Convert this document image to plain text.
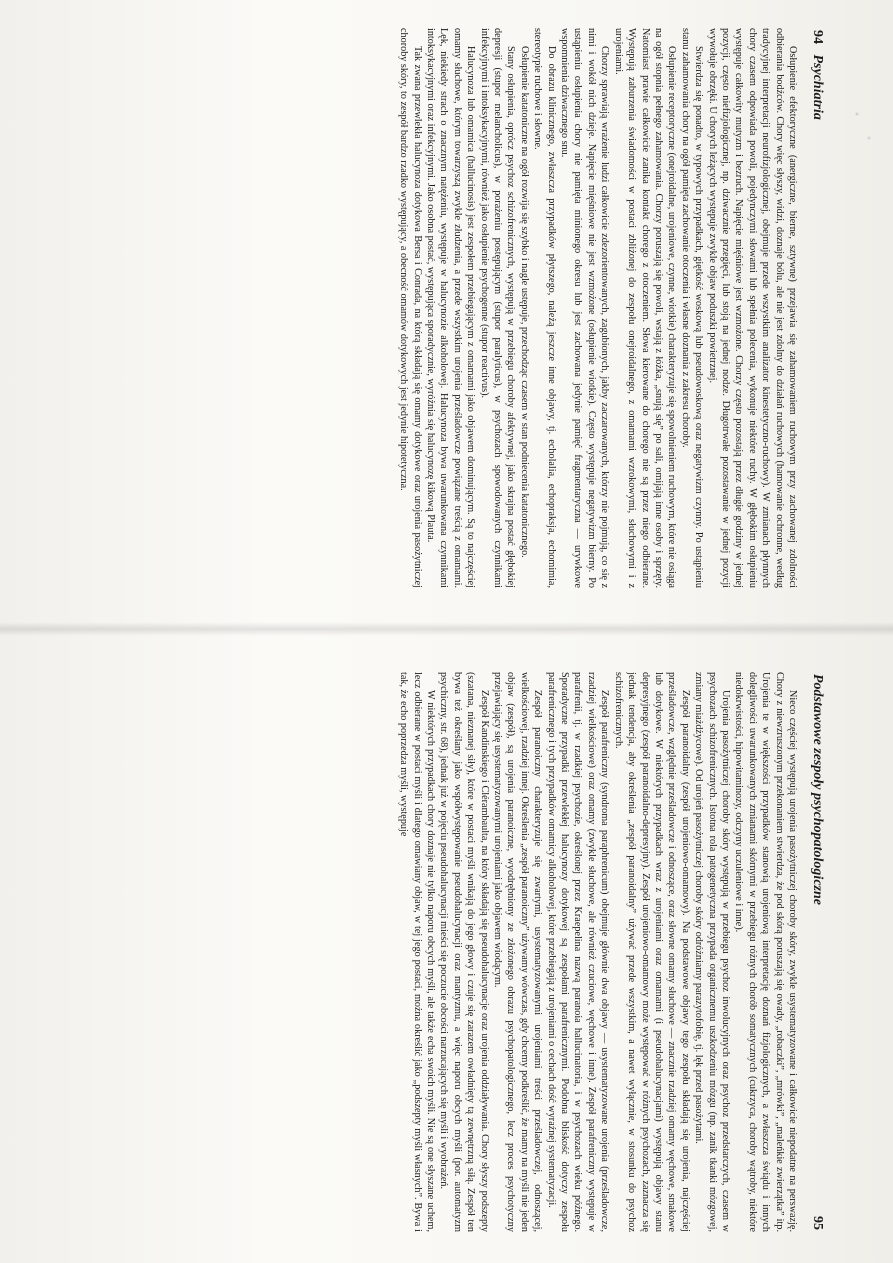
94   Psychiatria

Osłupienie efektoryczne (anergiczne, bierne, sztywne) przejawia się zahamowaniem ruchowym przy zachowanej zdolności odbierania bodźców. Chory więc słyszy, widzi, doznaje bólu, ale nie jest zdolny do działań ruchowych (hamowanie ochronne, według tradycyjnej interpretacji neurofizjologicznej, obejmuje przede wszystkim analizator kinestetyczno-ruchowy). W zmianach płynnych chory czasem odpowiada powoli, pojedynczymi słowami lub spełnia polecenia, wykonuje niektóre ruchy. W głębokim osłupieniu występuje całkowity mutyzm i bezruch. Napięcie mięśniowe jest wzmożone. Chorzy często pozostają przez długie godziny w jednej pozycji, często niefizjologicznej, np. dziwacznie przegięci, lub stoją na jednej nodze. Długotrwałe pozostawanie w jednej pozycji wywołuje obrzęki. U chorych leżących występuje zwykle objaw poduszki powietrznej.

Stwierdza się ponadto, w typowych przypadkach, giętkość woskową lub pseudowoskową oraz negatywizm czynny. Po ustąpieniu stanu zahamowania chory na ogół pamięta zachowanie otoczenia i własne doznania z zakresu choroby.

Osłupienie receptoryczne (onejroidalne, urojeniowe, czynne, wiotkie) charakteryzuje się spowolnieniem ruchowym, które nie osiąga na ogół stopnia pełnego zahamowania. Chorzy poruszają się powoli, wstają z łóżka, „snują się” po sali, omijają inne osoby i sprzęty. Natomiast prawie całkowicie zanika kontakt chorego z otoczeniem. Słowa kierowane do chorego nie są przez niego odbierane. Występują zaburzenia świadomości w postaci zbliżonej do zespołu onejroidalnego, z omamami wzrokowymi, słuchowymi i z urojeniami.

Chorzy sprawiają wrażenie ludzi całkowicie zdezorientowanych, zagubionych, jakby zaczarowanych, którzy nie pojmują, co się z nimi i wokół nich dzieje. Napięcie mięśniowe nie jest wzmożone (osłupienie wiotkie). Często występuje negatywizm bierny. Po ustąpieniu osłupienia chory nie pamięta minionego okresu lub jest zachowana jedynie pamięć fragmentaryczna — urywkowe wspomnienia dziwacznego snu.

Do obrazu klinicznego, zwłaszcza przypadków płytszego, należą jeszcze inne objawy, tj. echolalia, echopraksja, echomimia, stereotypie ruchowe i słowne.

Osłupienie katatoniczne na ogół rozwija się szybko i nagle ustępuje, przechodząc czasem w stan podniecenia katatonicznego.

Stany osłupienia, oprócz psychoz schizofrenicznych, występują w przebiegu choroby afektywnej, jako skrajna postać głębokiej depresji (stupor melancholicus), w porażeniu postępującym (stupor paralyticus), w psychozach spowodowanych czynnikami infekcyjnymi i intoksykacyjnymi, również jako osłupienie psychogenne (stupor reactivus).

Halucynoza lub omamica (hallucinosis) jest zespołem przebiegającym z omamami jako objawem dominującym. Są to najczęściej omamy słuchowe, którym towarzyszą zwykle złudzenia, a przede wszystkim urojenia prześladowcze powiązane treścią z omamami. Lęk, niekiedy strach o znacznym natężeniu, występuje w halucynozie alkoholowej. Halucynoza bywa uwarunkowana czynnikami intoksykacyjnymi oraz infekcyjnymi. Jako osobna postać, występująca sporadycznie, wyróżnia się halucynozę kikową Plauta.

Tak zwana przewlekła halucynoza dotykowa Bersa i Conrada, na którą składają się omamy dotykowe oraz urojenia pasożytniczej choroby skóry, to zespół bardzo rzadko występujący, a obecność omamów dotykowych jest jedynie hipotetyczna.

Podstawowe zespoły psychopatologiczne
95

Nieco częściej występują urojenia pasożytniczej choroby skóry, zwykle usystematyzowane i całkowicie niepodatne na perswazję. Chory z niewzruszonym przekonaniem stwierdza, że pod skórą poruszają się owady, „robaczki”, „mrówki”, „maleńkie zwierzątka” itp. Urojenia te w większości przypadków stanowią urojeniową interpretację doznań fizjologicznych, a zwłaszcza świądu i innych dolegliwości uwarunkowanych zmianami skórnymi w przebiegu różnych chorób somatycznych (cukrzyca, choroby wątroby, niektóre niedokrwistości, hipowitaminozy, odczyny uczuleniowe i inne).

Urojenia pasożytniczej choroby skóry występują w przebiegu psychoz inwolucyjnych oraz psychoz przedstarczych, czasem w psychozach schizofrenicznych. Istotna rola patogenetyczna przypada organicznemu uszkodzeniu mózgu (np. zanik tkanki mózgowej, zmiany miażdżycowe). Od urojeń pasożytniczej choroby skóry odróżniamy parazytofobię, tj. lęk przed pasożytami.

Zespół paranoidalny (zespół urojeniowo-omamowy). Na podstawowe objawy tego zespołu składają się urojenia, najczęściej prześladowcze, względnie prześladowcze i odnoszące, oraz słowne omamy słuchowe — znacznie rzadziej omamy węchowe, smakowe lub dotykowe. W niektórych przypadkach wraz z urojeniami oraz omamami (i pseudohalucynacjami) występują objawy stanu depresyjnego (zespół paranoidalno-depresyjny). Zespół urojeniowo-omamowy może występować w różnych psychozach, zaznacza się jednak tendencja, aby określenia „zespół paranoidalny” używać przede wszystkim, a nawet wyłącznie, w stosunku do psychoz schizofrenicznych.

Zespół parafreniczny (syndroma paraphrenicum) obejmuje głównie dwa objawy — usystematyzowane urojenia (prześladowcze, rzadziej wielkościowe) oraz omamy (zwykle słuchowe, ale również czuciowe, węchowe i inne). Zespół parafreniczny występuje w parafrenii, tj. w rzadkiej psychozie, określonej przez Kraepelina nazwą paranoia hallucinatoria, i w psychozach wieku późnego. Sporadyczne przypadki przewlekłej halucynozy dotykowej są zespołami parafrenicznymi. Podobna bliskość dotyczy zespołu parafrenicznego i tych przypadków omamicy alkoholowej, które przebiegają z urojeniami o cechach dość wyraźnej systematyzacji.

Zespół paranoiczny charakteryzuje się zwartymi, usystematyzowanymi urojeniami treści prześladowczej, odnoszącej, wielkościowej, rzadziej innej. Określenia „zespół paranoiczny” używamy wówczas, gdy chcemy podkreślić, że mamy na myśli nie jeden objaw (zespół), są urojenia paranoiczne, wyodrębniony ze złożonego obrazu psychopatologicznego, lecz proces psychotyczny przejawiający się usystematyzowanymi urojeniami jako objawem wiodącym.

Zespół Kandinskiego i Clérambaulta, na który składają się pseudohalucynacje oraz urojenia oddziaływania. Chory słyszy podszepty (szatana, nieznanej siły), które w postaci myśli wnikają do jego głowy i czuje się zarazem owładnięty tą zewnętrzną siłą. Zespół ten bywa też określany jako współwystępowanie pseudohalucynacji oraz mantyzmu, a więc naporu obcych myśli (por. automatyzm psychiczny, str. 68), jednak już w pojęciu pseudohalucynacji mieści się poczucie obcości narzucających się myśli i wyobrażeń.

W niektórych przypadkach chory doznaje nie tylko naporu obcych myśli, ale także echa swoich myśli. Nie są one słyszane uchem, lecz odbierane w postaci myśli i dlatego omawiany objaw, w tej jego postaci, można określić jako „podszepty myśli własnych”. Bywa i tak, że echo poprzedza myśli, występuje
